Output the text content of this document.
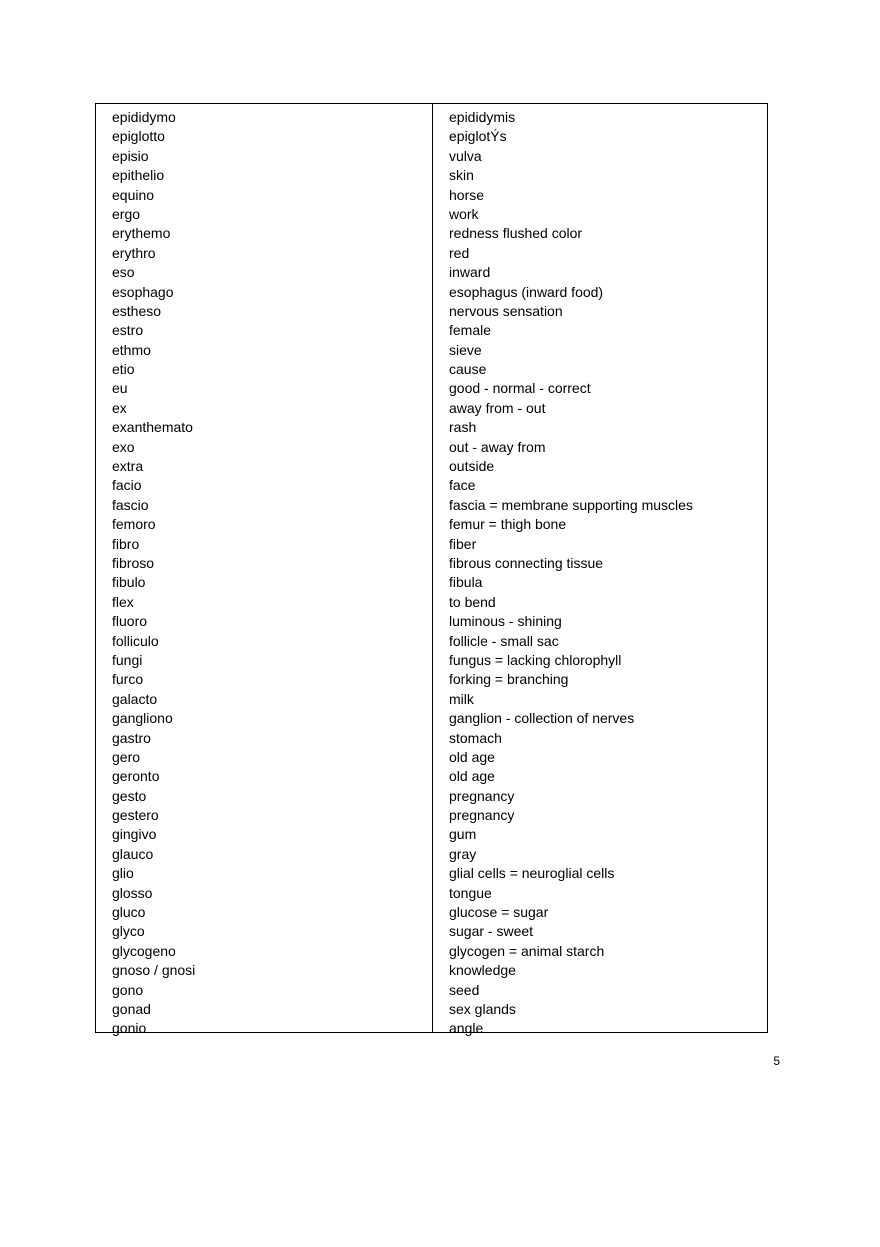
epididymo
epiglotto
episio
epithelio
equino
ergo
erythemo
erythro
eso
esophago
estheso
estro
ethmo
etio
eu
ex
exanthemato
exo
extra
facio
fascio
femoro
fibro
fibroso
fibulo
flex
fluoro
folliculo
fungi
furco
galacto
gangliono
gastro
gero
geronto
gesto
gestero
gingivo
glauco
glio
glosso
gluco
glyco
glycogeno
gnoso / gnosi
gono
gonad
gonio
epididymis
epiglotÝs
vulva
skin
horse
work
redness flushed color
red
inward
esophagus (inward food)
nervous sensation
female
sieve
cause
good - normal - correct
away from - out
rash
out - away from
outside
face
fascia = membrane supporting muscles
femur = thigh bone
fiber
fibrous connecting tissue
fibula
to bend
luminous - shining
follicle - small sac
fungus = lacking chlorophyll
forking = branching
milk
ganglion - collection of nerves
stomach
old age
old age
pregnancy
pregnancy
gum
gray
glial cells = neuroglial cells
tongue
glucose = sugar
sugar - sweet
glycogen = animal starch
knowledge
seed
sex glands
angle
5
